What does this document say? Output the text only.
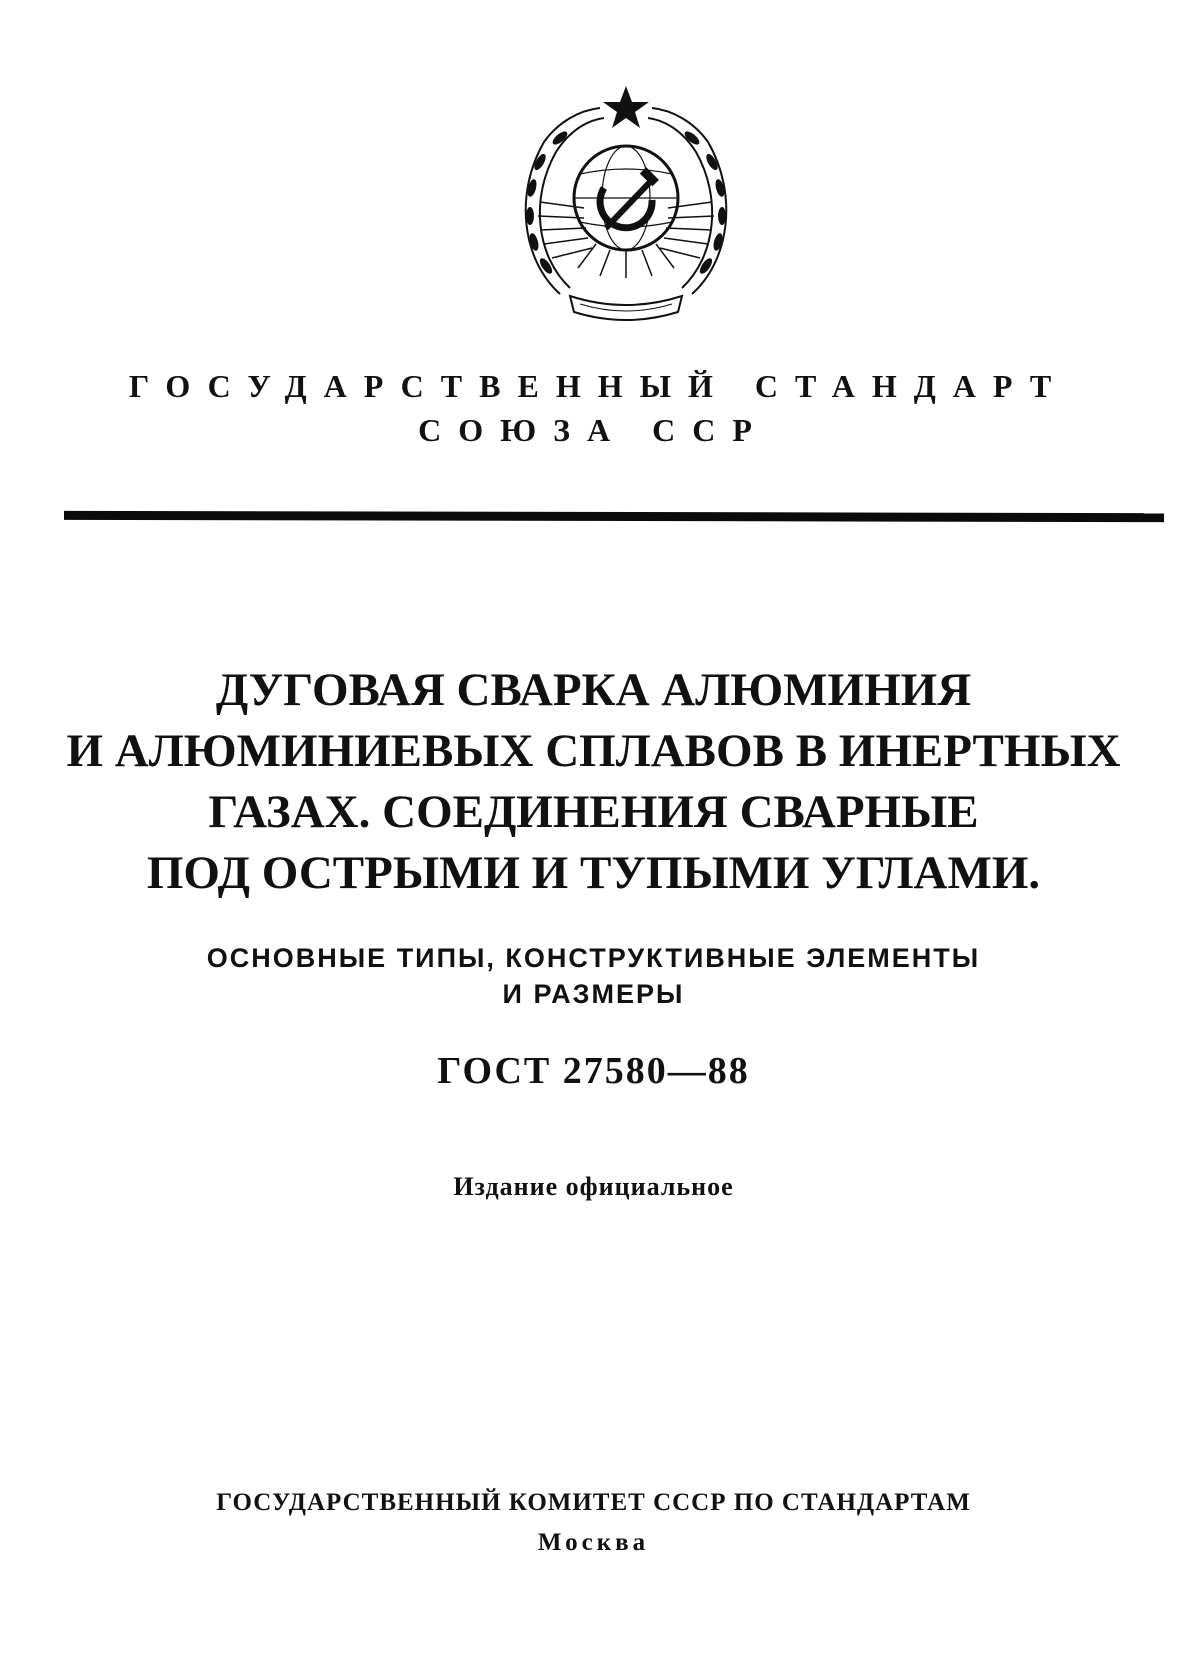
ГОСУДАРСТВЕННЫЙ СТАНДАРТ
СОЮЗА ССР
ДУГОВАЯ СВАРКА АЛЮМИНИЯ
И АЛЮМИНИЕВЫХ СПЛАВОВ В ИНЕРТНЫХ
ГАЗАХ. СОЕДИНЕНИЯ СВАРНЫЕ
ПОД ОСТРЫМИ И ТУПЫМИ УГЛАМИ.
ОСНОВНЫЕ ТИПЫ, КОНСТРУКТИВНЫЕ ЭЛЕМЕНТЫ
И РАЗМЕРЫ
ГОСТ 27580—88
Издание официальное
ГОСУДАРСТВЕННЫЙ КОМИТЕТ СССР ПО СТАНДАРТАМ
Москва
